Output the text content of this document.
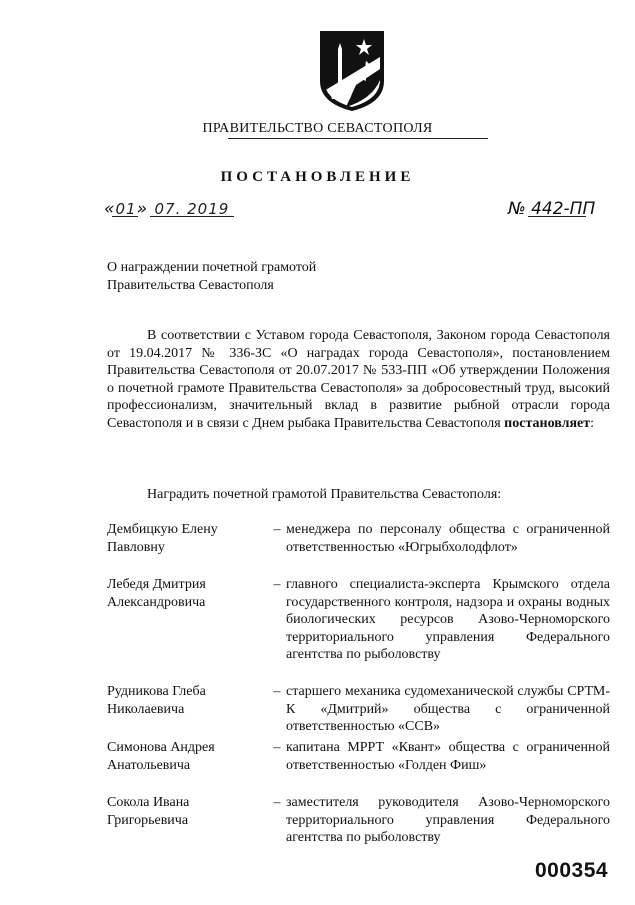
ПРАВИТЕЛЬСТВО СЕВАСТОПОЛЯ
ПОСТАНОВЛЕНИЕ
«01» 07. 2019	№ 442-ПП
О награждении почетной грамотой
Правительства Севастополя
В соответствии с Уставом города Севастополя, Законом города Севастополя от 19.04.2017 № 336-ЗС «О наградах города Севастополя», постановлением Правительства Севастополя от 20.07.2017 № 533-ПП «Об утверждении Положения о почетной грамоте Правительства Севастополя» за добросовестный труд, высокий профессионализм, значительный вклад в развитие рыбной отрасли города Севастополя и в связи с Днем рыбака Правительства Севастополя постановляет:
Наградить почетной грамотой Правительства Севастополя:
Дембицкую Елену Павловну
– менеджера по персоналу общества с ограниченной ответственностью «Югрыбхолодфлот»
Лебедя Дмитрия Александровича
– главного специалиста-эксперта Крымского отдела государственного контроля, надзора и охраны водных биологических ресурсов Азово-Черноморского территориального управления Федерального агентства по рыболовству
Рудникова Глеба Николаевича
– старшего механика судомеханической службы СРТМ-К «Дмитрий» общества с ограниченной ответственностью «ССВ»
Симонова Андрея Анатольевича
– капитана МРРТ «Квант» общества с ограниченной ответственностью «Голден Фиш»
Сокола Ивана Григорьевича
– заместителя руководителя Азово-Черноморского территориального управления Федерального агентства по рыболовству
000354
